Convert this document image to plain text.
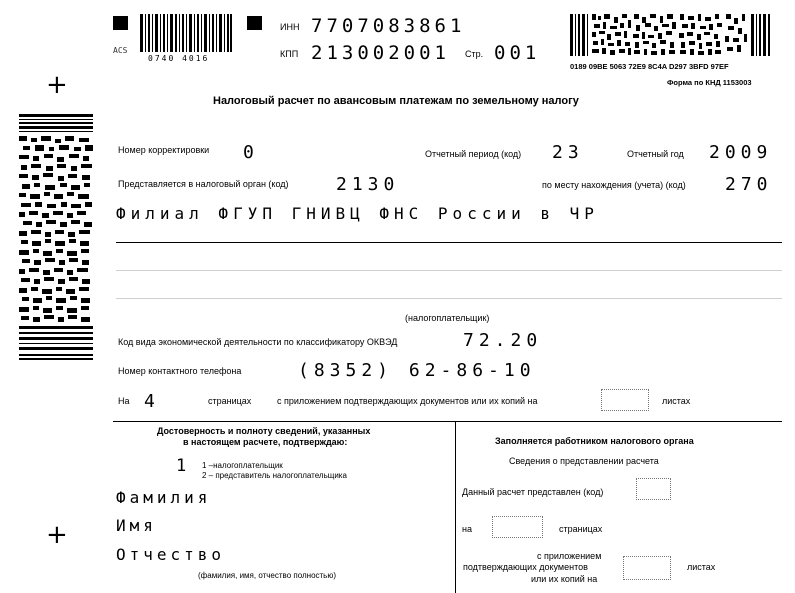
ACS
0740 4016
ИНН 7707083861
КПП 213002001 Стр. 001
0189 09BE 5063 72E9 8C4A D297 3BFD 97EF
Форма по КНД 1153003
+
+
Налоговый расчет по авансовым платежам по земельному налогу
Номер корректировки 0	Отчетный период (код) 23	Отчетный год 2009
Представляется в налоговый орган (код)	2130	по месту нахождения (учета) (код) 270
Филиал ФГУП ГНИВЦ ФНС России в ЧР
(налогоплательщик)
Код вида экономической деятельности по классификатору ОКВЭД	72.20
Номер контактного телефона	(8352) 62-86-10
На 4	страницах	с приложением подтверждающих документов или их копий на	листах
Достоверность и полноту сведений, указанных
в настоящем расчете, подтверждаю:
1 1 –налогоплательщик
2 – представитель налогоплательщика
Фамилия
Имя
Отчество
(фамилия, имя, отчество полностью)
Заполняется работником налогового органа
Сведения о представлении расчета
Данный расчет представлен (код)
на	страницах
с приложением
подтверждающих документов
или их копий на
листах
